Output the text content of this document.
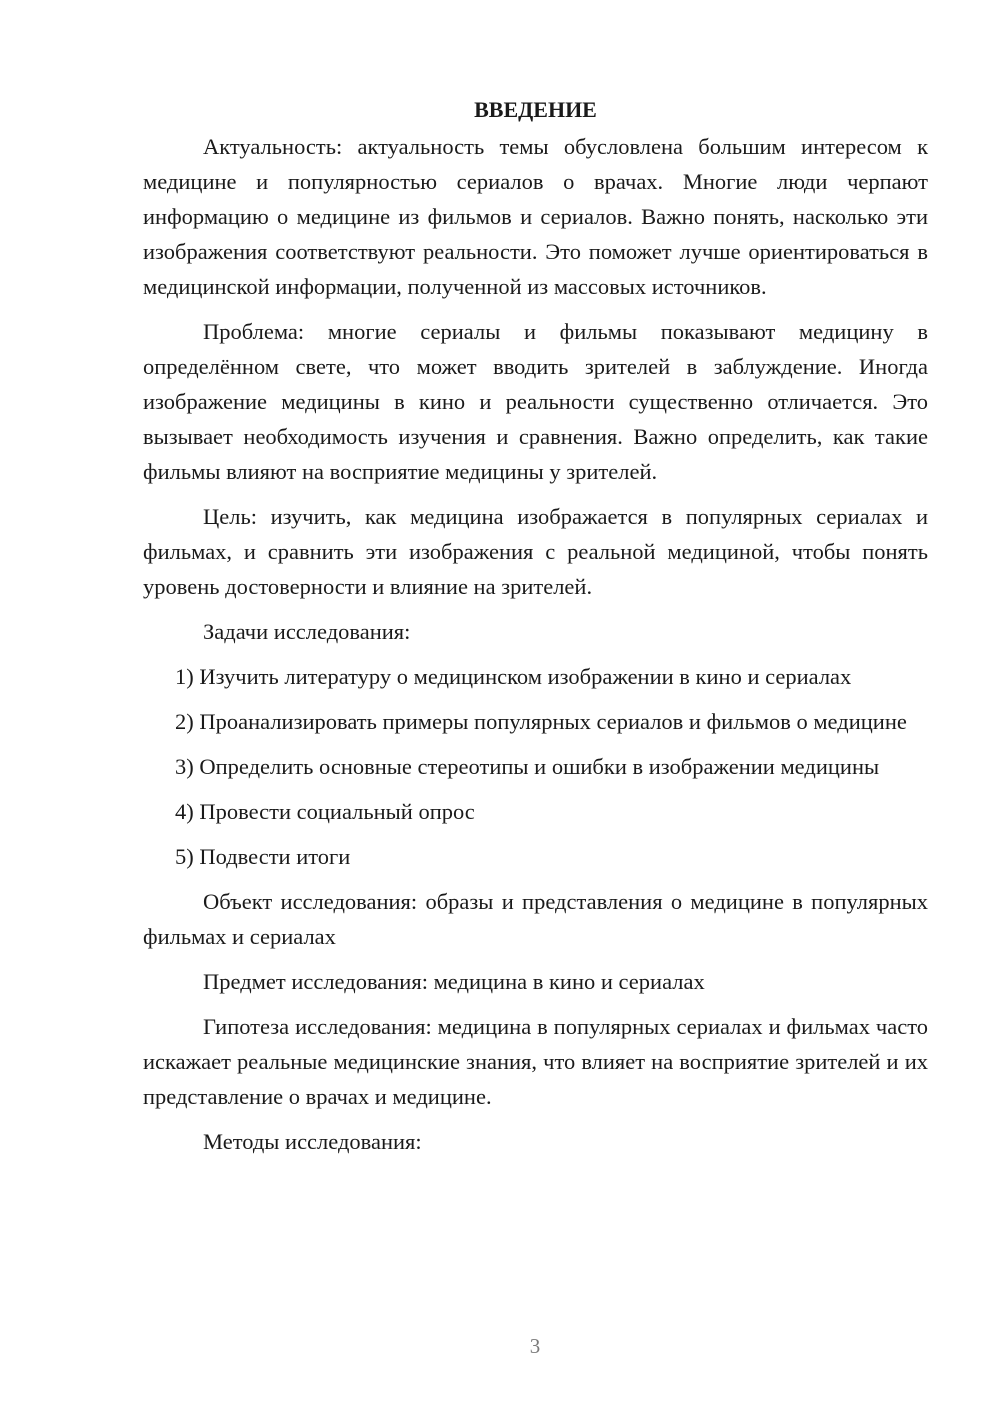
ВВЕДЕНИЕ

Актуальность: актуальность темы обусловлена большим интересом к медицине и популярностью сериалов о врачах. Многие люди черпают информацию о медицине из фильмов и сериалов. Важно понять, насколько эти изображения соответствуют реальности. Это поможет лучше ориентироваться в медицинской информации, полученной из массовых источников.

Проблема: многие сериалы и фильмы показывают медицину в определённом свете, что может вводить зрителей в заблуждение. Иногда изображение медицины в кино и реальности существенно отличается. Это вызывает необходимость изучения и сравнения. Важно определить, как такие фильмы влияют на восприятие медицины у зрителей.

Цель: изучить, как медицина изображается в популярных сериалах и фильмах, и сравнить эти изображения с реальной медициной, чтобы понять уровень достоверности и влияние на зрителей.

Задачи исследования:

1) Изучить литературу о медицинском изображении в кино и сериалах

2) Проанализировать примеры популярных сериалов и фильмов о медицине

3) Определить основные стереотипы и ошибки в изображении медицины

4) Провести социальный опрос

5) Подвести итоги

Объект исследования: образы и представления о медицине в популярных фильмах и сериалах

Предмет исследования: медицина в кино и сериалах

Гипотеза исследования: медицина в популярных сериалах и фильмах часто искажает реальные медицинские знания, что влияет на восприятие зрителей и их представление о врачах и медицине.

Методы исследования:

3
